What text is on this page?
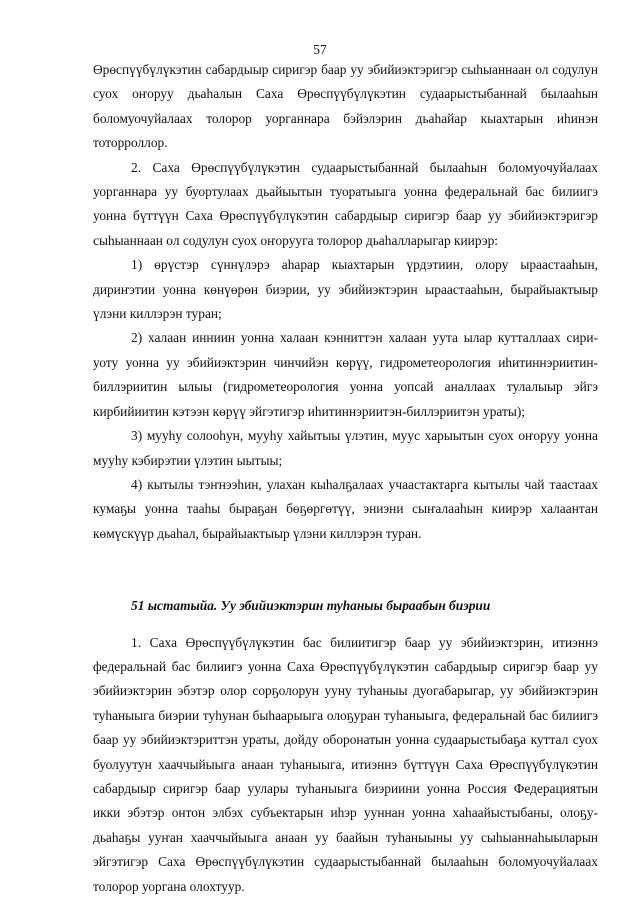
57

Өрөспүүбүлүкэтин сабардыыр сиригэр баар уу эбийиэктэригэр сыһыаннаан ол содулун суох оҥоруу дьаһалын Саха Өрөспүүбүлүкэтин судаарыстыбаннай былааһын боломуочуйалаах толорор уорганнара бэйэлэрин дьаһайар кыахтарын иһинэн тоторроллор.

2. Саха Өрөспүүбүлүкэтин судаарыстыбаннай былааһын боломуочуйалаах уорганнара уу буортулаах дьайыытын туоратыыга уонна федеральнай бас билиигэ уонна бүттүүн Саха Өрөспүүбүлүкэтин сабардыыр сиригэр баар уу эбийиэктэригэр сыһыаннаан ол содулун суох оҥорууга толорор дьаһалларыгар киирэр:

1) өрүстэр сүннүлэрэ аһарар кыахтарын үрдэтиин, олору ыраастааһын, дириҥэтии уонна көнүөрөн биэрии, уу эбийиэктэрин ыраастааһын, бырайыактыыр үлэни киллэрэн туран;

2) халаан инниин уонна халаан кэнниттэн халаан уута ылар кутталлаах сири-уоту уонна уу эбийиэктэрин чинчийэн көрүү, гидрометеорология иһитиннэриитин-биллэриитин ылыы (гидрометеорология уонна уопсай аналлаах тулалыыр эйгэ кирбийиитин кэтээн көрүү эйгэтигэр иһитиннэриитэн-биллэриитэн ураты);

3) мууһу солооһун, мууһу хайытыы үлэтин, муус харыытын суох оҥоруу уонна мууһу кэбирэтии үлэтин ыытыы;

4) кытылы тэҥнээһин, улахан кыһалҕалаах учаастактарга кытылы чай таастаах кумаҕы уонна тааһы быраҕан бөҕөргөтүү, эниэни сыҥалааһын киирэр халаантан көмүскүүр дьаһал, бырайыактыыр үлэни киллэрэн туран.

51 ыстатыйа. Уу эбийиэктэрин туһаныы быраабын биэрии

1. Саха Өрөспүүбүлүкэтин бас билиитигэр баар уу эбийиэктэрин, итиэннэ федеральнай бас билиигэ уонна Саха Өрөспүүбүлүкэтин сабардыыр сиригэр баар уу эбийиэктэрин эбэтэр олор сорҕолорун ууну туһаныы дуогабарыгар, уу эбийиэктэрин туһаныыга биэрии туһунан быһаарыыга олоҕуран туһаныыга, федеральнай бас билиигэ баар уу эбийиэктэриттэн ураты, дойду оборонатын уонна судаарыстыбаҕа куттал суох буолуутун хааччыйыыга анаан туһаныыга, итиэннэ бүттүүн Саха Өрөспүүбүлүкэтин сабардыыр сиригэр баар уулары туһаныыга биэриини уонна Россия Федерациятын икки эбэтэр онтон элбэх субъектарын иһэр ууннан уонна хаһаайыстыбаны, олоҕу-дьаһаҕы ууҥан хааччыйыыга анаан уу баайын туһаныыны уу сыһыаннаһыыларын эйгэтигэр Саха Өрөспүүбүлүкэтин судаарыстыбаннай былааһын боломуочуйалаах толорор уоргана олохтуур.
